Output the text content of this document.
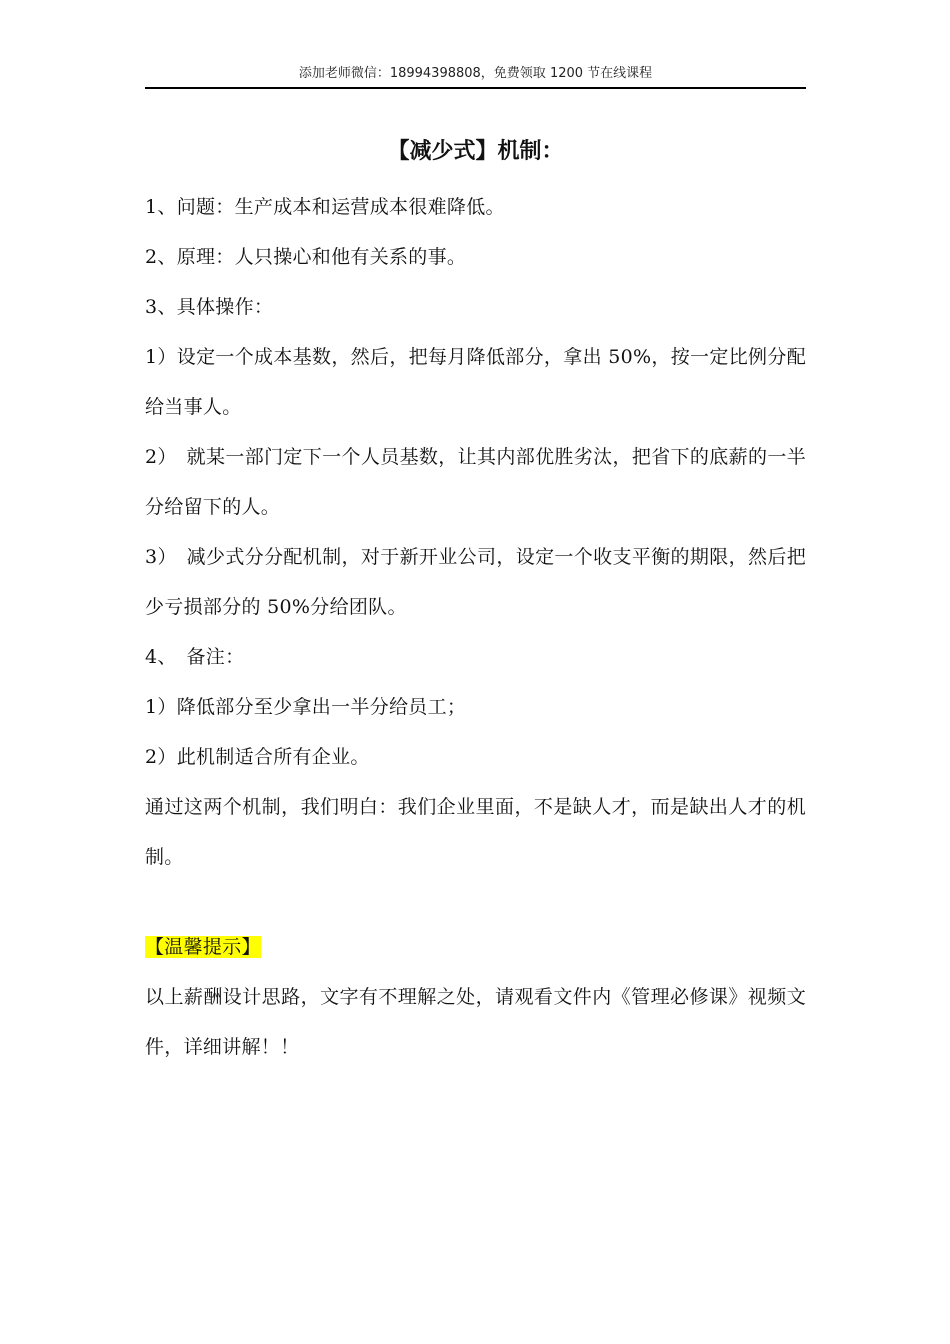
添加老师微信：18994398808，免费领取 1200 节在线课程
【减少式】机制：

1、问题：生产成本和运营成本很难降低。

2、原理：人只操心和他有关系的事。

3、具体操作：

1）设定一个成本基数，然后，把每月降低部分，拿出 50%，按一定比例分配给当事人。

2）　就某一部门定下一个人员基数，让其内部优胜劣汰，把省下的底薪的一半分给留下的人。

3）　减少式分分配机制，对于新开业公司，设定一个收支平衡的期限，然后把少亏损部分的 50%分给团队。

4、　备注：

1）降低部分至少拿出一半分给员工；

2）此机制适合所有企业。

通过这两个机制，我们明白：我们企业里面，不是缺人才，而是缺出人才的机制。

【温馨提示】

以上薪酬设计思路，文字有不理解之处，请观看文件内《管理必修课》视频文件，详细讲解！！
